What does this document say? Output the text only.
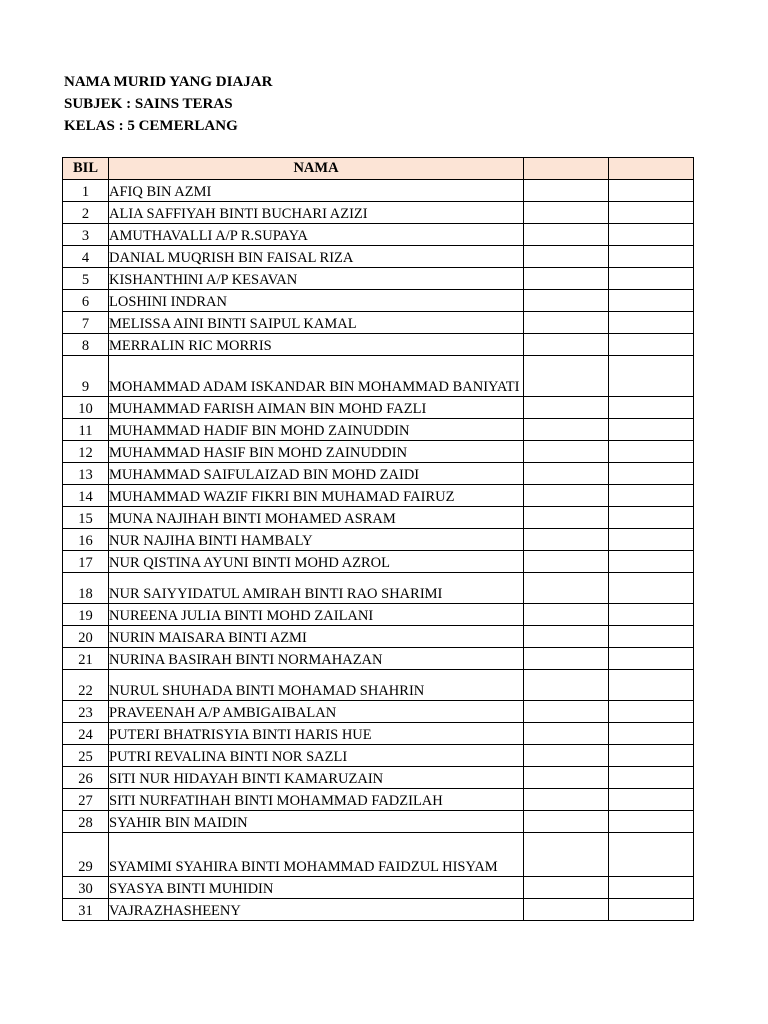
NAMA MURID YANG DIAJAR
SUBJEK : SAINS TERAS
KELAS : 5 CEMERLANG
BIL	NAMA		
1	AFIQ BIN AZMI		
2	ALIA SAFFIYAH BINTI BUCHARI AZIZI		
3	AMUTHAVALLI A/P R.SUPAYA		
4	DANIAL MUQRISH BIN FAISAL RIZA		
5	KISHANTHINI A/P KESAVAN		
6	LOSHINI INDRAN		
7	MELISSA AINI BINTI SAIPUL KAMAL		
8	MERRALIN RIC MORRIS		
9	MOHAMMAD ADAM ISKANDAR BIN MOHAMMAD BANIYATI		
10	MUHAMMAD FARISH AIMAN BIN MOHD FAZLI		
11	MUHAMMAD HADIF BIN MOHD ZAINUDDIN		
12	MUHAMMAD HASIF BIN MOHD ZAINUDDIN		
13	MUHAMMAD SAIFULAIZAD BIN MOHD ZAIDI		
14	MUHAMMAD WAZIF FIKRI BIN MUHAMAD FAIRUZ		
15	MUNA NAJIHAH BINTI MOHAMED ASRAM		
16	NUR NAJIHA BINTI HAMBALY		
17	NUR QISTINA AYUNI BINTI MOHD AZROL		
18	NUR SAIYYIDATUL AMIRAH BINTI RAO SHARIMI		
19	NUREENA JULIA BINTI MOHD ZAILANI		
20	NURIN MAISARA BINTI AZMI		
21	NURINA BASIRAH BINTI NORMAHAZAN		
22	NURUL SHUHADA BINTI MOHAMAD SHAHRIN		
23	PRAVEENAH A/P AMBIGAIBALAN		
24	PUTERI BHATRISYIA BINTI HARIS HUE		
25	PUTRI REVALINA BINTI NOR SAZLI		
26	SITI NUR HIDAYAH BINTI KAMARUZAIN		
27	SITI NURFATIHAH BINTI MOHAMMAD FADZILAH		
28	SYAHIR BIN MAIDIN		
29	SYAMIMI SYAHIRA BINTI MOHAMMAD FAIDZUL HISYAM		
30	SYASYA BINTI MUHIDIN		
31	VAJRAZHASHEENY		
